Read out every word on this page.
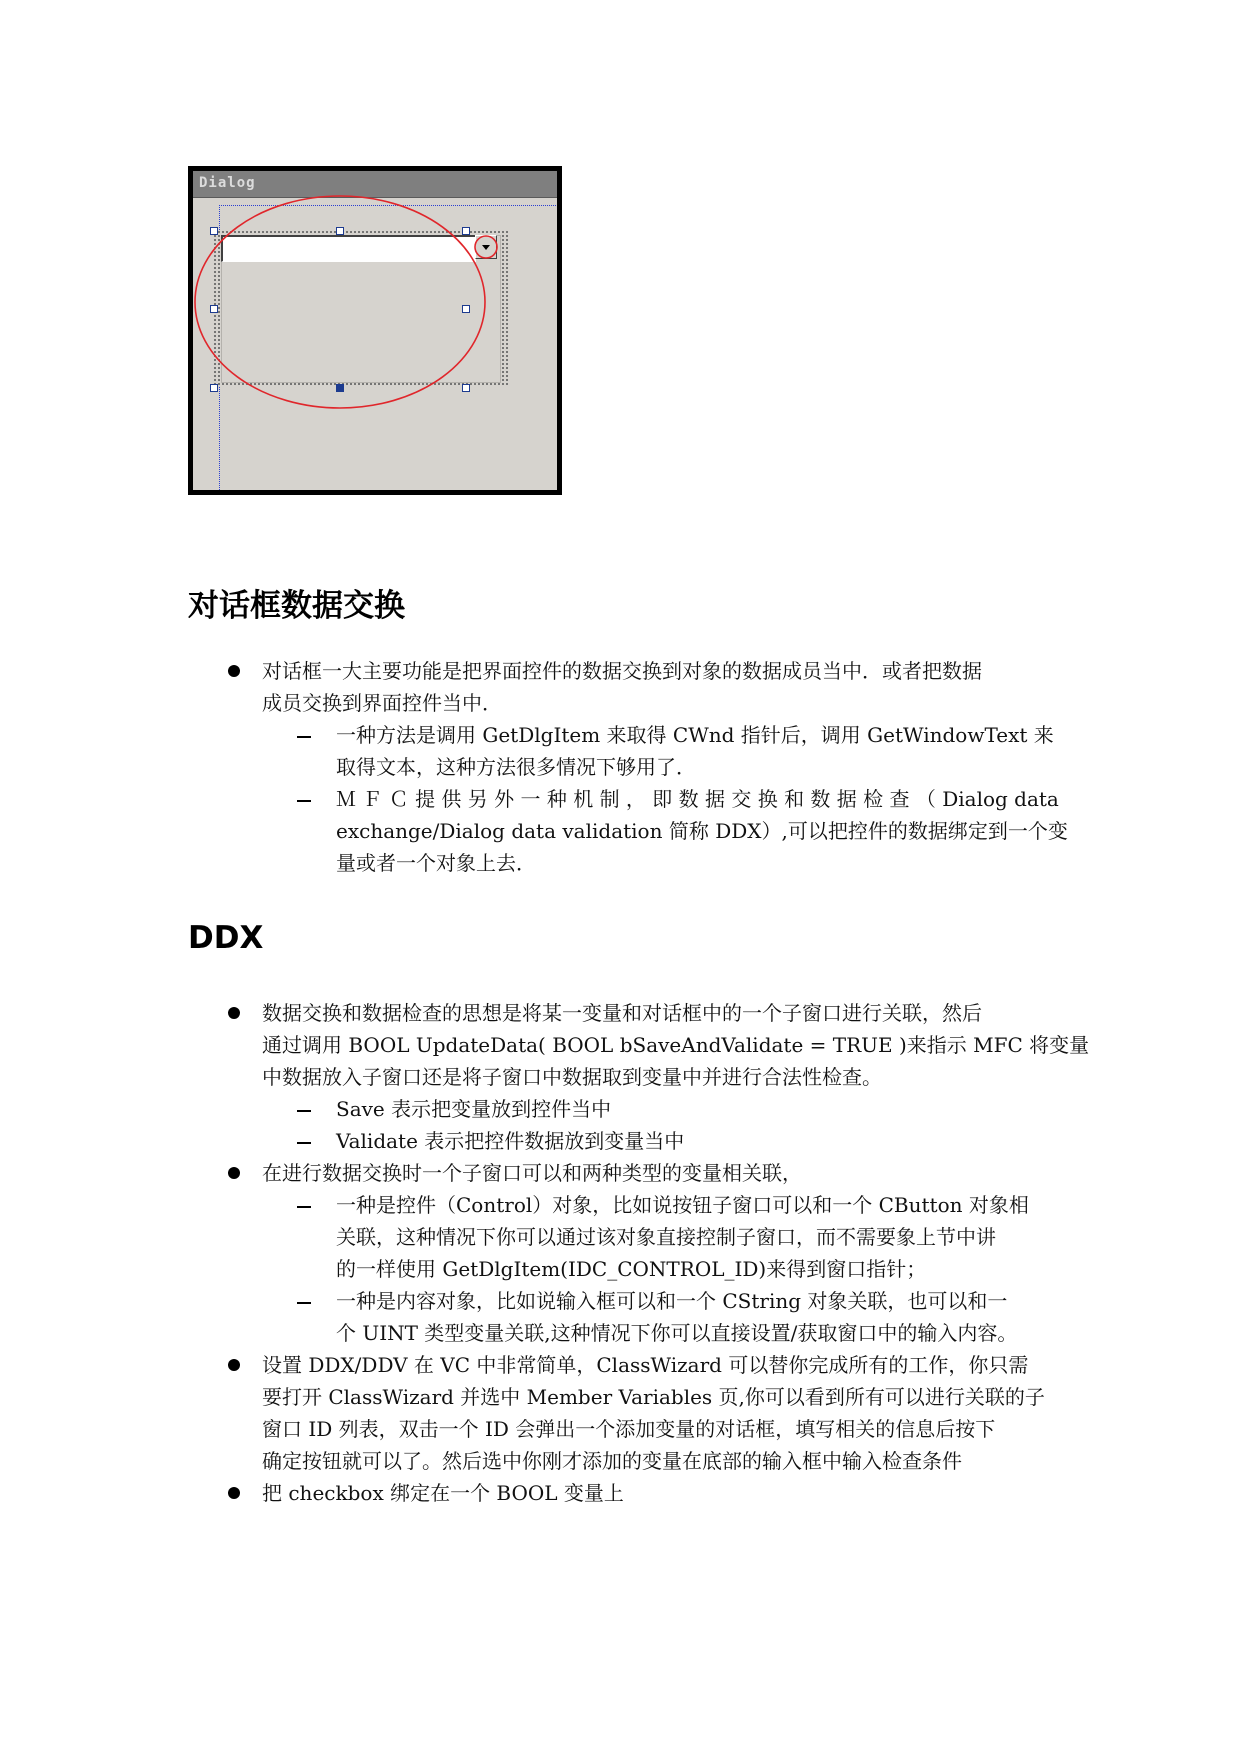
Dialog
对话框数据交换
对话框一大主要功能是把界面控件的数据交换到对象的数据成员当中．或者把数据
成员交换到界面控件当中．
一种方法是调用 GetDlgItem 来取得 CWnd 指针后，调用 GetWindowText 来
取得文本，这种方法很多情况下够用了．
Ｍ Ｆ Ｃ 提 供 另 外 一 种 机 制 ， 即 数 据 交 换 和 数 据 检 查 （ Dialog data
exchange/Dialog data validation 简称 DDX）,可以把控件的数据绑定到一个变
量或者一个对象上去．
DDX
数据交换和数据检查的思想是将某一变量和对话框中的一个子窗口进行关联，然后
通过调用 BOOL UpdateData( BOOL bSaveAndValidate = TRUE )来指示 MFC 将变量
中数据放入子窗口还是将子窗口中数据取到变量中并进行合法性检查。
Save 表示把变量放到控件当中
Validate 表示把控件数据放到变量当中
在进行数据交换时一个子窗口可以和两种类型的变量相关联，
一种是控件（Control）对象，比如说按钮子窗口可以和一个 CButton 对象相
关联，这种情况下你可以通过该对象直接控制子窗口，而不需要象上节中讲
的一样使用 GetDlgItem(IDC_CONTROL_ID)来得到窗口指针；
一种是内容对象，比如说输入框可以和一个 CString 对象关联，也可以和一
个 UINT 类型变量关联,这种情况下你可以直接设置/获取窗口中的输入内容。
设置 DDX/DDV 在 VC 中非常简单，ClassWizard 可以替你完成所有的工作，你只需
要打开 ClassWizard 并选中 Member Variables 页,你可以看到所有可以进行关联的子
窗口 ID 列表，双击一个 ID 会弹出一个添加变量的对话框，填写相关的信息后按下
确定按钮就可以了。然后选中你刚才添加的变量在底部的输入框中输入检查条件
把 checkbox 绑定在一个 BOOL 变量上
